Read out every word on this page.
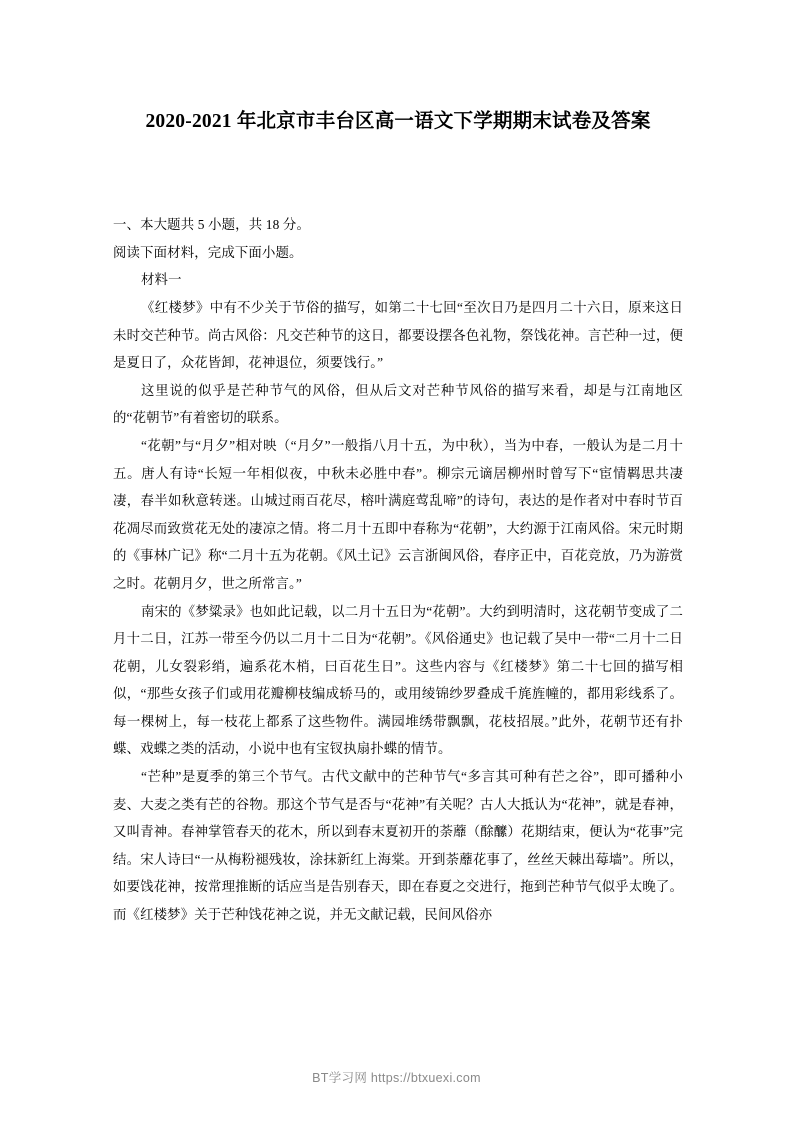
2020-2021 年北京市丰台区高一语文下学期期末试卷及答案

一、本大题共 5 小题，共 18 分。

阅读下面材料，完成下面小题。

材料一

《红楼梦》中有不少关于节俗的描写，如第二十七回“至次日乃是四月二十六日，原来这日未时交芒种节。尚古风俗：凡交芒种节的这日，都要设摆各色礼物，祭饯花神。言芒种一过，便是夏日了，众花皆卸，花神退位，须要饯行。”

这里说的似乎是芒种节气的风俗，但从后文对芒种节风俗的描写来看，却是与江南地区的“花朝节”有着密切的联系。

“花朝”与“月夕”相对映（“月夕”一般指八月十五，为中秋），当为中春，一般认为是二月十五。唐人有诗“长短一年相似夜，中秋未必胜中春”。柳宗元谪居柳州时曾写下“宦情羁思共凄凄，春半如秋意转迷。山城过雨百花尽，榕叶满庭莺乱啼”的诗句，表达的是作者对中春时节百花凋尽而致赏花无处的凄凉之情。将二月十五即中春称为“花朝”，大约源于江南风俗。宋元时期的《事林广记》称“二月十五为花朝。《风土记》云言浙闽风俗，春序正中，百花竞放，乃为游赏之时。花朝月夕，世之所常言。”

南宋的《梦粱录》也如此记载，以二月十五日为“花朝”。大约到明清时，这花朝节变成了二月十二日，江苏一带至今仍以二月十二日为“花朝”。《风俗通史》也记载了吴中一带“二月十二日花朝，儿女裂彩绡，遍系花木梢，曰百花生日”。这些内容与《红楼梦》第二十七回的描写相似，“那些女孩子们或用花瓣柳枝编成轿马的，或用绫锦纱罗叠成千旄旌幢的，都用彩线系了。每一棵树上，每一枝花上都系了这些物件。满园堆绣带飘飘，花枝招展。”此外，花朝节还有扑蝶、戏蝶之类的活动，小说中也有宝钗执扇扑蝶的情节。

“芒种”是夏季的第三个节气。古代文献中的芒种节气“多言其可种有芒之谷”，即可播种小麦、大麦之类有芒的谷物。那这个节气是否与“花神”有关呢？古人大抵认为“花神”，就是春神，又叫青神。春神掌管春天的花木，所以到春末夏初开的荼蘼（酴醿）花期结束，便认为“花事”完结。宋人诗曰“一从梅粉褪残妆，涂抹新红上海棠。开到荼蘼花事了，丝丝天棘出莓墙”。所以，如要饯花神，按常理推断的话应当是告别春天，即在春夏之交进行，拖到芒种节气似乎太晚了。而《红楼梦》关于芒种饯花神之说，并无文献记载，民间风俗亦

BT学习网 https://btxuexi.com
